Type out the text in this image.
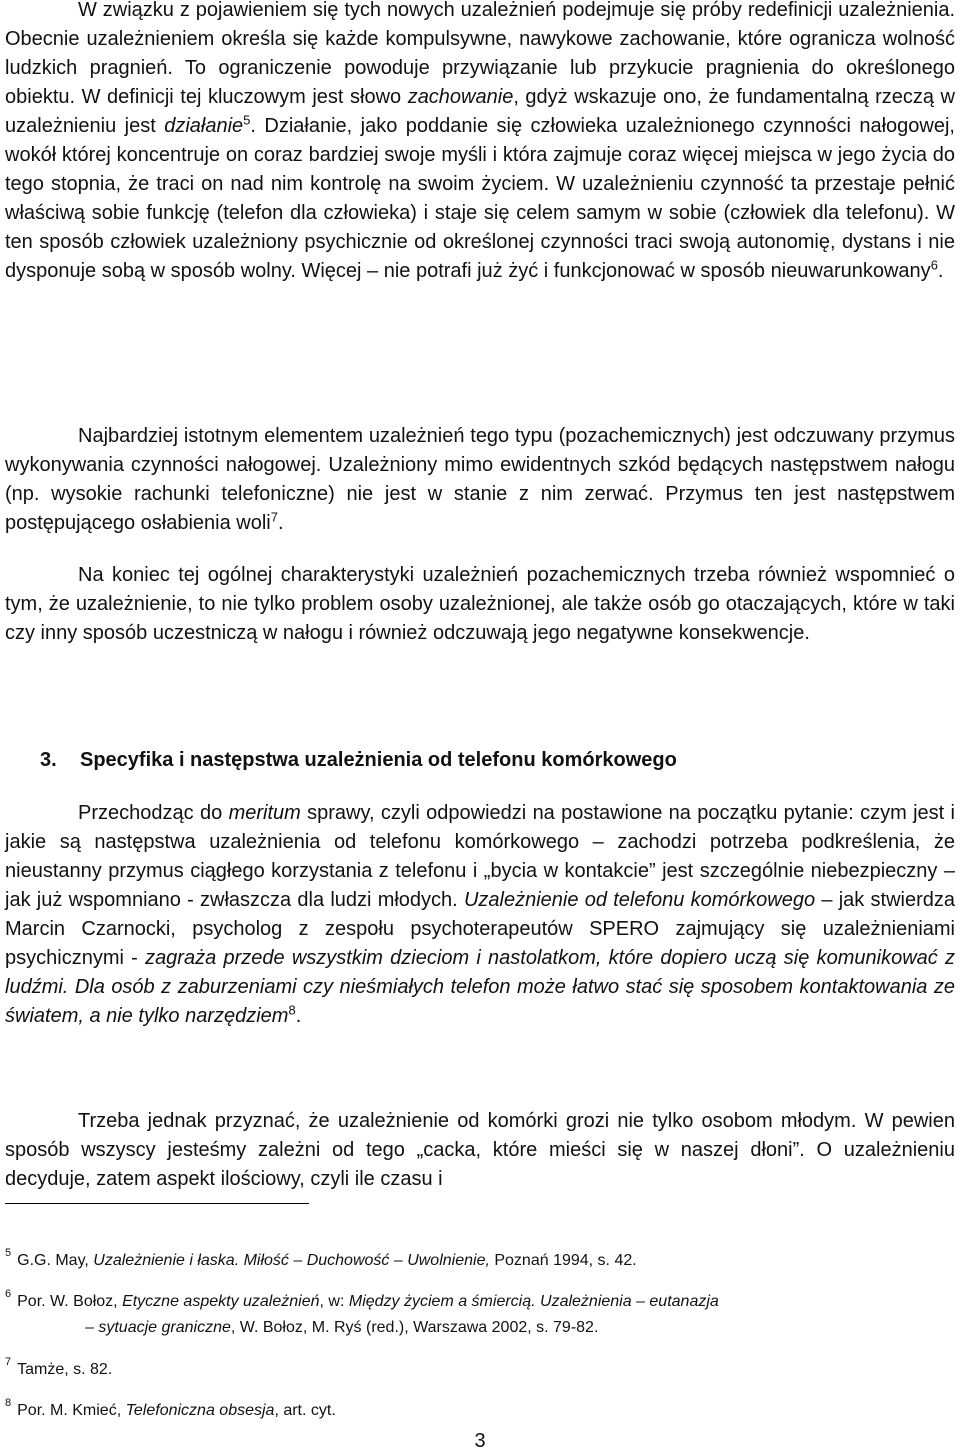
W związku z pojawieniem się tych nowych uzależnień podejmuje się próby redefinicji uzależnienia. Obecnie uzależnieniem określa się każde kompulsywne, nawykowe zachowanie, które ogranicza wolność ludzkich pragnień. To ograniczenie powoduje przywiązanie lub przykucie pragnienia do określonego obiektu. W definicji tej kluczowym jest słowo zachowanie, gdyż wskazuje ono, że fundamentalną rzeczą w uzależnieniu jest działanie$^5$. Działanie, jako poddanie się człowieka uzależnionego czynności nałogowej, wokół której koncentruje on coraz bardziej swoje myśli i która zajmuje coraz więcej miejsca w jego życia do tego stopnia, że traci on nad nim kontrolę na swoim życiem. W uzależnieniu czynność ta przestaje pełnić właściwą sobie funkcję (telefon dla człowieka) i staje się celem samym w sobie (człowiek dla telefonu). W ten sposób człowiek uzależniony psychicznie od określonej czynności traci swoją autonomię, dystans i nie dysponuje sobą w sposób wolny. Więcej – nie potrafi już żyć i funkcjonować w sposób nieuwarunkowany$^6$.

Najbardziej istotnym elementem uzależnień tego typu (pozachemicznych) jest odczuwany przymus wykonywania czynności nałogowej. Uzależniony mimo ewidentnych szkód będących następstwem nałogu (np. wysokie rachunki telefoniczne) nie jest w stanie z nim zerwać. Przymus ten jest następstwem postępującego osłabienia woli$^7$.

Na koniec tej ogólnej charakterystyki uzależnień pozachemicznych trzeba również wspomnieć o tym, że uzależnienie, to nie tylko problem osoby uzależnionej, ale także osób go otaczających, które w taki czy inny sposób uczestniczą w nałogu i również odczuwają jego negatywne konsekwencje.

3. Specyfika i następstwa uzależnienia od telefonu komórkowego

Przechodząc do meritum sprawy, czyli odpowiedzi na postawione na początku pytanie: czym jest i jakie są następstwa uzależnienia od telefonu komórkowego – zachodzi potrzeba podkreślenia, że nieustanny przymus ciągłego korzystania z telefonu i „bycia w kontakcie” jest szczególnie niebezpieczny – jak już wspomniano - zwłaszcza dla ludzi młodych. Uzależnienie od telefonu komórkowego – jak stwierdza Marcin Czarnocki, psycholog z zespołu psychoterapeutów SPERO zajmujący się uzależnieniami psychicznymi - zagraża przede wszystkim dzieciom i nastolatkom, które dopiero uczą się komunikować z ludźmi. Dla osób z zaburzeniami czy nieśmiałych telefon może łatwo stać się sposobem kontaktowania ze światem, a nie tylko narzędziem$^8$.

Trzeba jednak przyznać, że uzależnienie od komórki grozi nie tylko osobom młodym. W pewien sposób wszyscy jesteśmy zależni od tego „cacka, które mieści się w naszej dłoni”. O uzależnieniu decyduje, zatem aspekt ilościowy, czyli ile czasu i

$^5$ G.G. May, Uzależnienie i łaska. Miłość – Duchowość – Uwolnienie, Poznań 1994, s. 42.

$^6$ Por. W. Bołoz, Etyczne aspekty uzależnień, w: Między życiem a śmiercią. Uzależnienia – eutanazja
– sytuacje graniczne, W. Bołoz, M. Ryś (red.), Warszawa 2002, s. 79-82.

$^7$ Tamże, s. 82.

$^8$ Por. M. Kmieć, Telefoniczna obsesja, art. cyt.

3
